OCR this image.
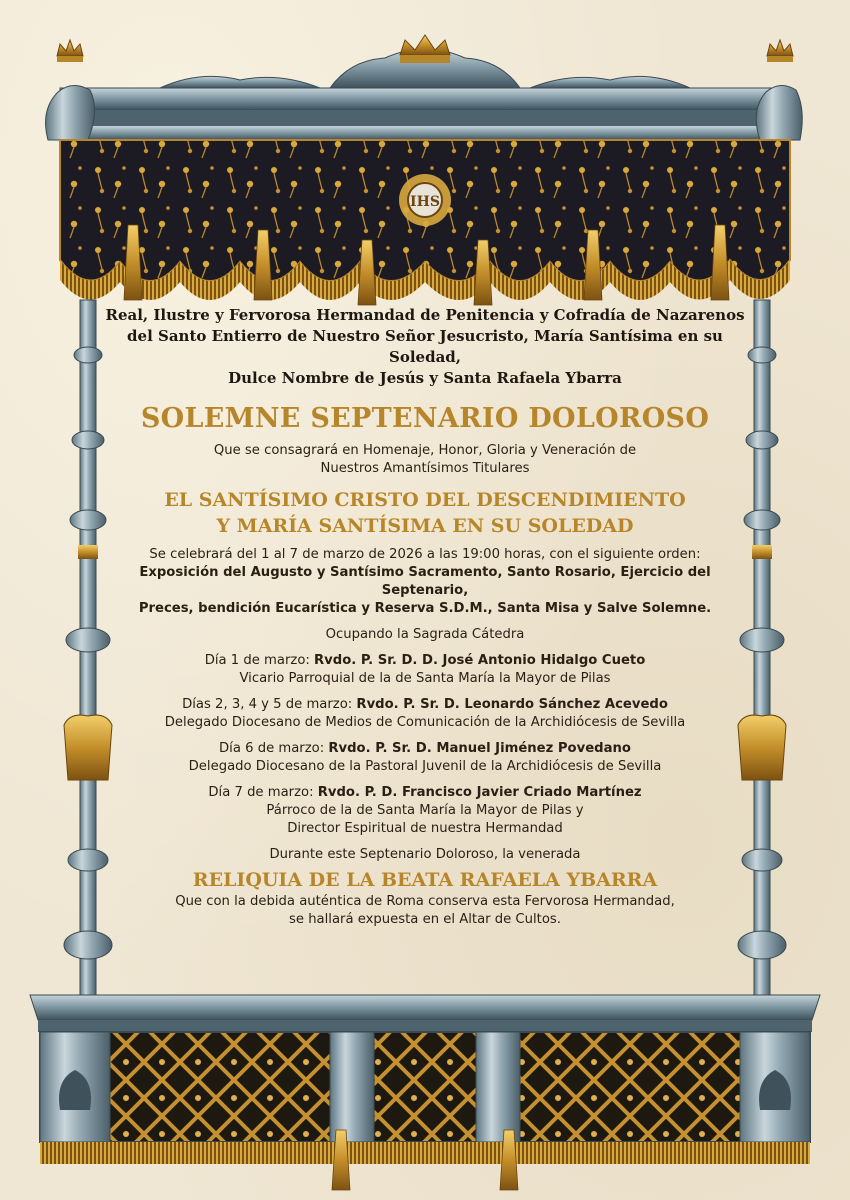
IHS

Real, Ilustre y Fervorosa Hermandad de Penitencia y Cofradía de Nazarenos

del Santo Entierro de Nuestro Señor Jesucristo, María Santísima en su Soledad,

Dulce Nombre de Jesús y Santa Rafaela Ybarra

SOLEMNE SEPTENARIO DOLOROSO

Que se consagrará en Homenaje, Honor, Gloria y Veneración de

Nuestros Amantísimos Titulares

EL SANTÍSIMO CRISTO DEL DESCENDIMIENTO
Y MARÍA SANTÍSIMA EN SU SOLEDAD

Se celebrará del 1 al 7 de marzo de 2026 a las 19:00 horas, con el siguiente orden:

Exposición del Augusto y Santísimo Sacramento, Santo Rosario, Ejercicio del Septenario,

Preces, bendición Eucarística y Reserva S.D.M., Santa Misa y Salve Solemne.

Ocupando la Sagrada Cátedra

Día 1 de marzo: Rvdo. P. Sr. D. D. José Antonio Hidalgo Cueto

Vicario Parroquial de la de Santa María la Mayor de Pilas

Días 2, 3, 4 y 5 de marzo: Rvdo. P. Sr. D. Leonardo Sánchez Acevedo

Delegado Diocesano de Medios de Comunicación de la Archidiócesis de Sevilla

Día 6 de marzo: Rvdo. P. Sr. D. Manuel Jiménez Povedano

Delegado Diocesano de la Pastoral Juvenil de la Archidiócesis de Sevilla

Día 7 de marzo: Rvdo. P. D. Francisco Javier Criado Martínez

Párroco de la de Santa María la Mayor de Pilas y

Director Espiritual de nuestra Hermandad

Durante este Septenario Doloroso, la venerada

RELIQUIA DE LA BEATA RAFAELA YBARRA

Que con la debida auténtica de Roma conserva esta Fervorosa Hermandad,

se hallará expuesta en el Altar de Cultos.
